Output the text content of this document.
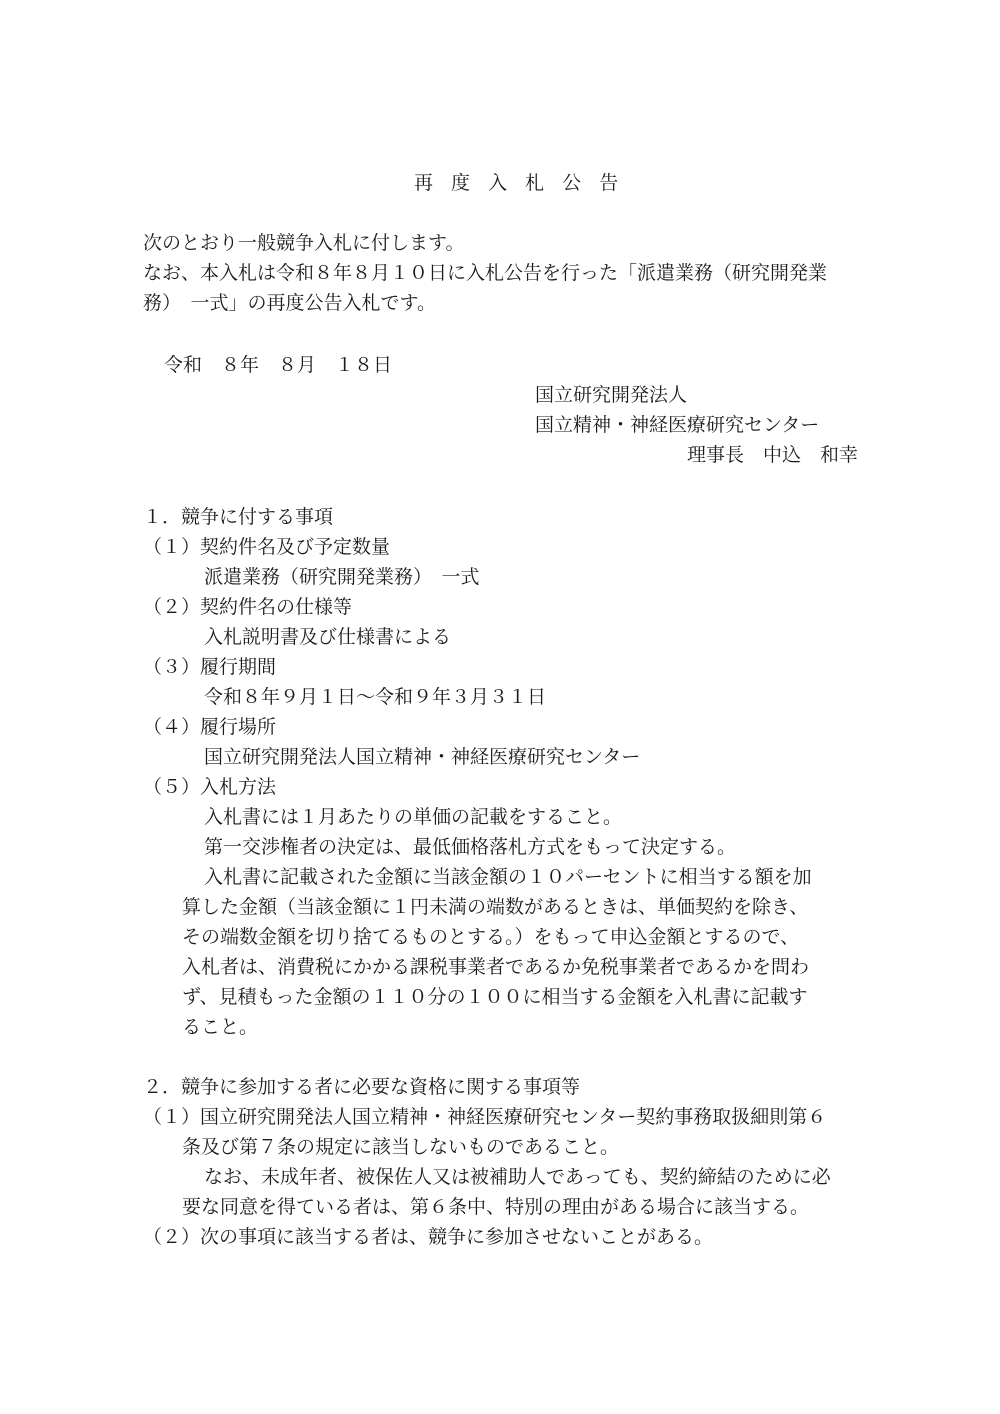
再 度 入 札 公 告
次のとおり一般競争入札に付します。
なお、本入札は令和８年８月１０日に入札公告を行った「派遣業務（研究開発業
務）　一式」の再度公告入札です。
令和　８年　８月　１８日
国立研究開発法人
国立精神・神経医療研究センター
理事長　中込　和幸
１．競争に付する事項
（１）契約件名及び予定数量
派遣業務（研究開発業務）　一式
（２）契約件名の仕様等
入札説明書及び仕様書による
（３）履行期間
令和８年９月１日～令和９年３月３１日
（４）履行場所
国立研究開発法人国立精神・神経医療研究センター
（５）入札方法
入札書には１月あたりの単価の記載をすること。
第一交渉権者の決定は、最低価格落札方式をもって決定する。
入札書に記載された金額に当該金額の１０パーセントに相当する額を加
算した金額（当該金額に１円未満の端数があるときは、単価契約を除き、
その端数金額を切り捨てるものとする。）をもって申込金額とするので、
入札者は、消費税にかかる課税事業者であるか免税事業者であるかを問わ
ず、見積もった金額の１１０分の１００に相当する金額を入札書に記載す
ること。
２．競争に参加する者に必要な資格に関する事項等
（１）国立研究開発法人国立精神・神経医療研究センター契約事務取扱細則第６
条及び第７条の規定に該当しないものであること。
なお、未成年者、被保佐人又は被補助人であっても、契約締結のために必
要な同意を得ている者は、第６条中、特別の理由がある場合に該当する。
（２）次の事項に該当する者は、競争に参加させないことがある。
